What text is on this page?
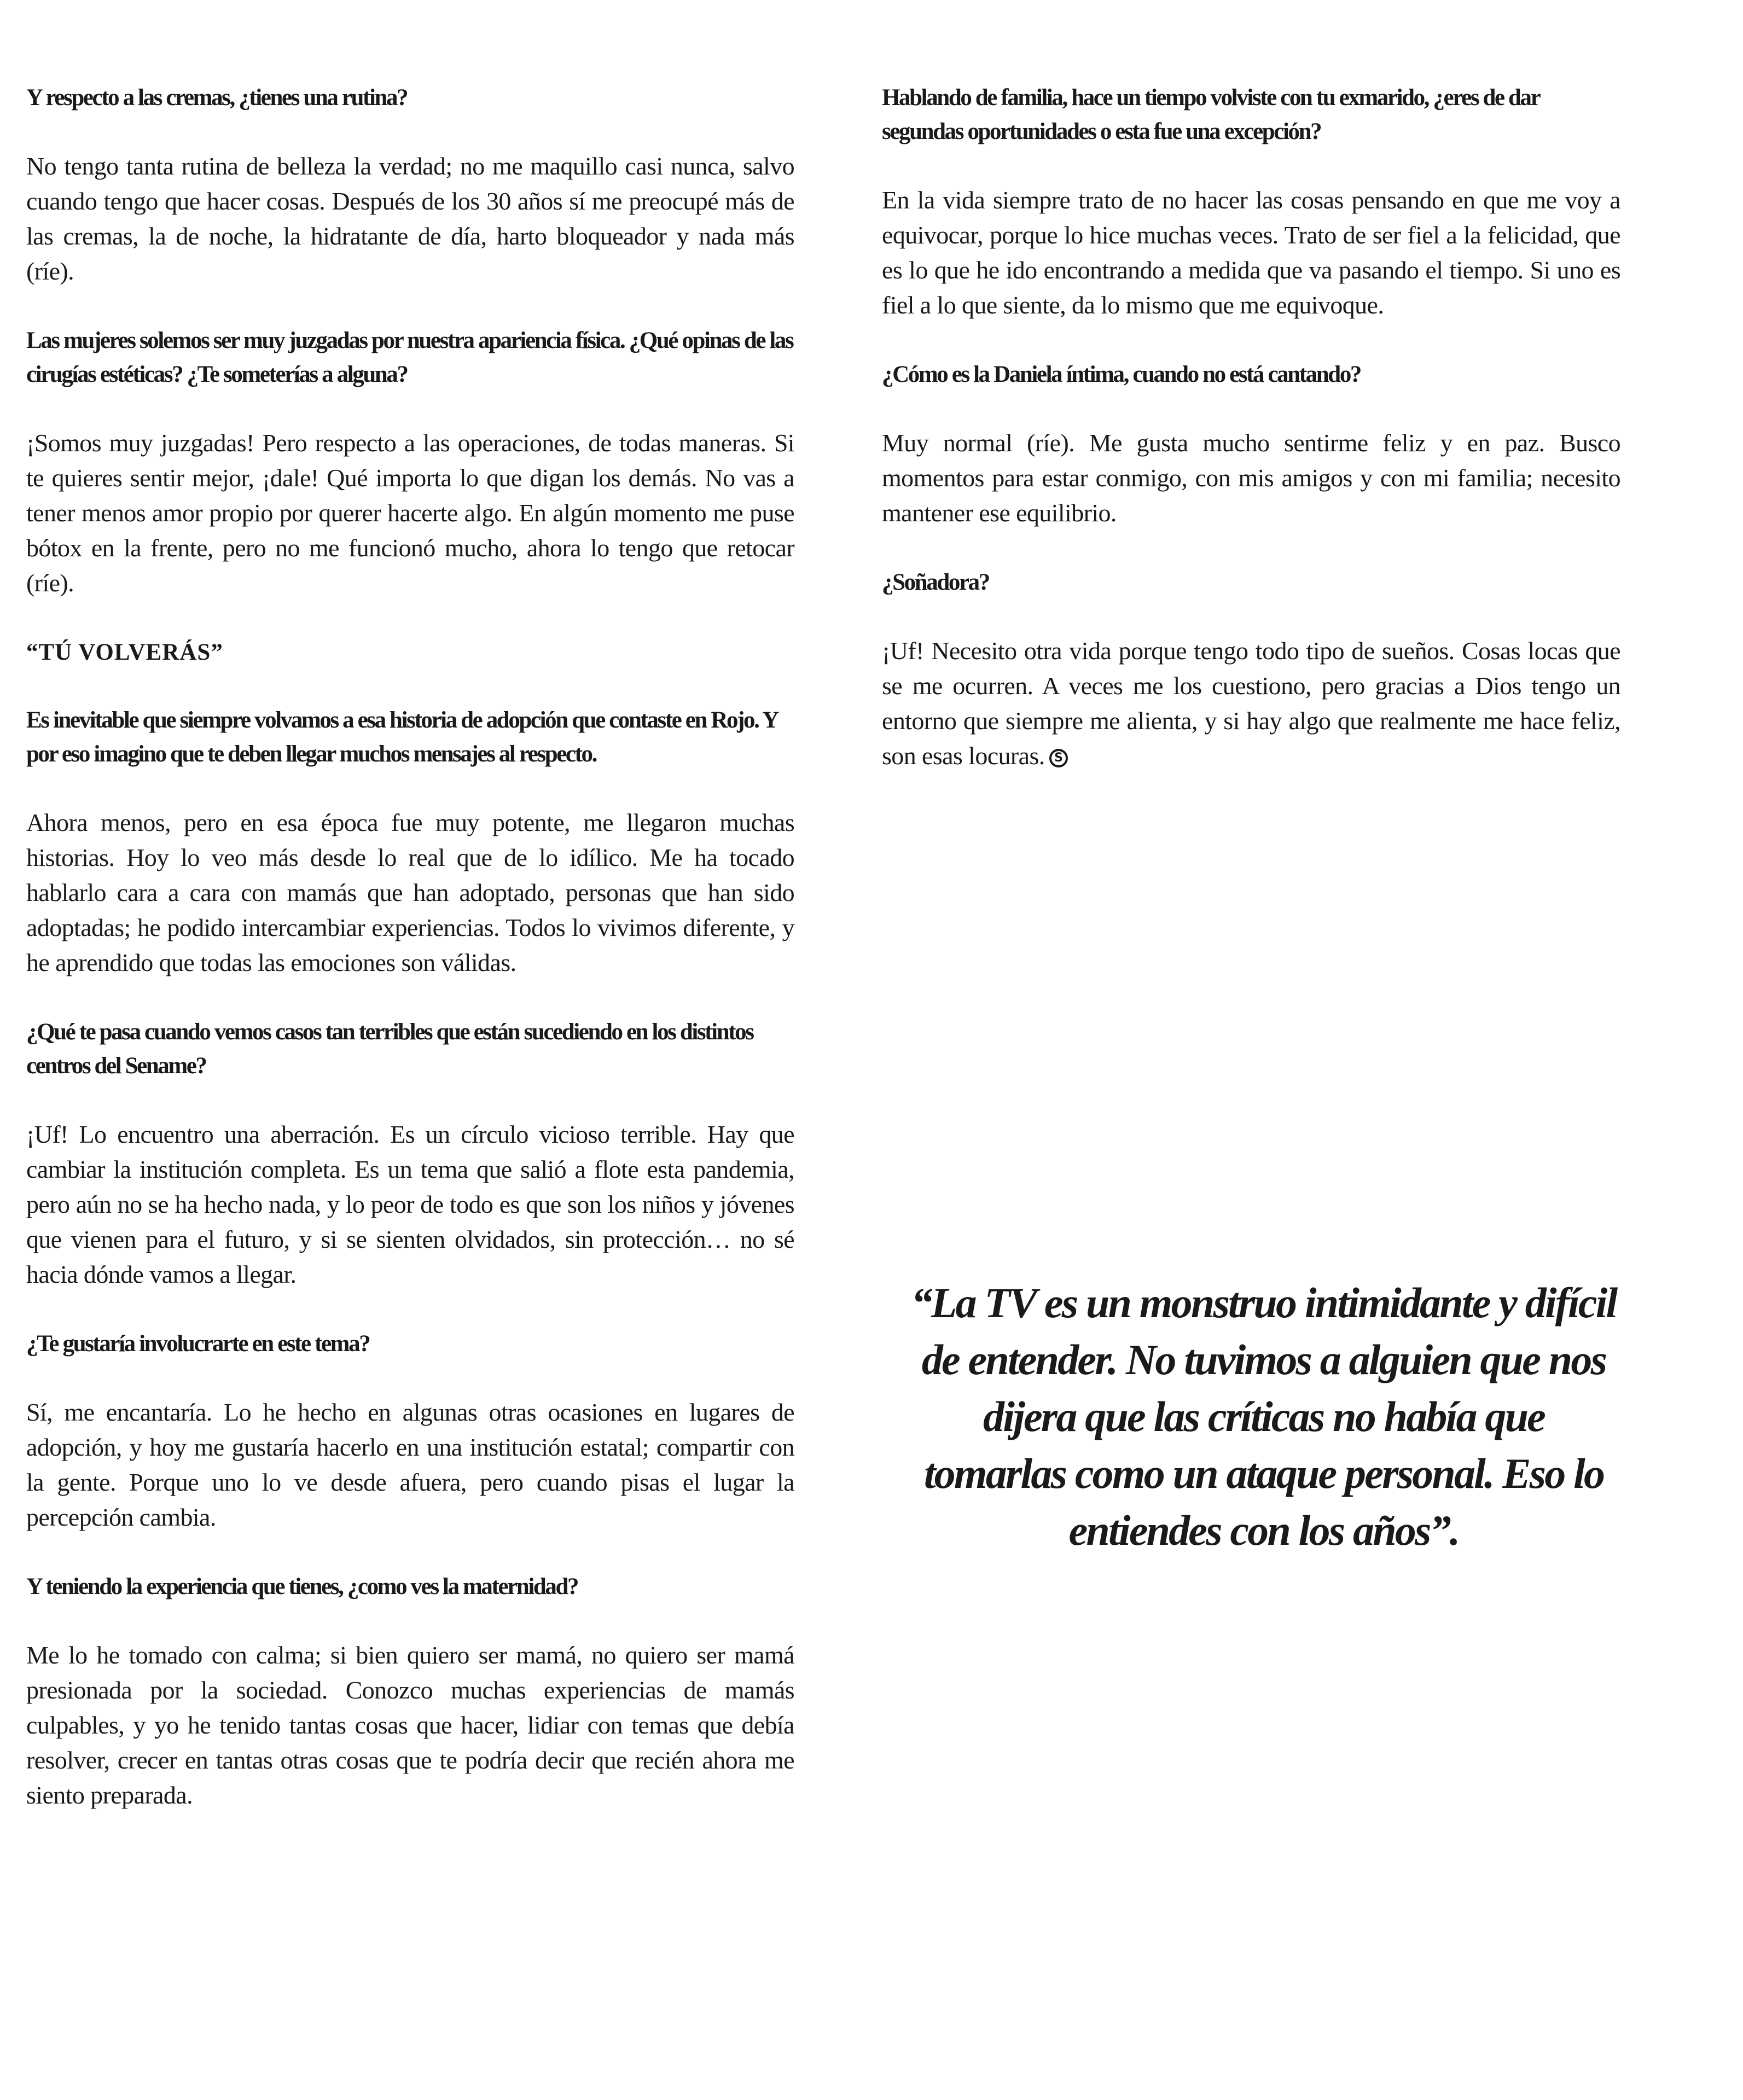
Y respecto a las cremas, ¿tienes una rutina?

No tengo tanta rutina de belleza la verdad; no me maquillo casi nunca, salvo cuando tengo que hacer cosas. Después de los 30 años sí me preocupé más de las cremas, la de noche, la hidratante de día, harto bloqueador y nada más (ríe).

Las mujeres solemos ser muy juzgadas por nuestra apariencia física. ¿Qué opinas de las cirugías estéticas? ¿Te someterías a alguna?

¡Somos muy juzgadas! Pero respecto a las operaciones, de todas maneras. Si te quieres sentir mejor, ¡dale! Qué importa lo que digan los demás. No vas a tener menos amor propio por querer hacerte algo. En algún momento me puse bótox en la frente, pero no me funcionó mucho, ahora lo tengo que retocar (ríe).

“TÚ VOLVERÁS”

Es inevitable que siempre volvamos a esa historia de adopción que contaste en Rojo. Y por eso imagino que te deben llegar muchos mensajes al respecto.

Ahora menos, pero en esa época fue muy potente, me llegaron muchas historias. Hoy lo veo más desde lo real que de lo idílico. Me ha tocado hablarlo cara a cara con mamás que han adoptado, personas que han sido adoptadas; he podido intercambiar experiencias. Todos lo vivimos diferente, y he aprendido que todas las emociones son válidas.

¿Qué te pasa cuando vemos casos tan terribles que están sucediendo en los distintos centros del Sename?

¡Uf! Lo encuentro una aberración. Es un círculo vicioso terrible. Hay que cambiar la institución completa. Es un tema que salió a flote esta pandemia, pero aún no se ha hecho nada, y lo peor de todo es que son los niños y jóvenes que vienen para el futuro, y si se sienten olvidados, sin protección… no sé hacia dónde vamos a llegar.

¿Te gustaría involucrarte en este tema?

Sí, me encantaría. Lo he hecho en algunas otras ocasiones en lugares de adopción, y hoy me gustaría hacerlo en una institución estatal; compartir con la gente. Porque uno lo ve desde afuera, pero cuando pisas el lugar la percepción cambia.

Y teniendo la experiencia que tienes, ¿como ves la maternidad?

Me lo he tomado con calma; si bien quiero ser mamá, no quiero ser mamá presionada por la sociedad. Conozco muchas experiencias de mamás culpables, y yo he tenido tantas cosas que hacer, lidiar con temas que debía resolver, crecer en tantas otras cosas que te podría decir que recién ahora me siento preparada.

Hablando de familia, hace un tiempo volviste con tu exmarido, ¿eres de dar segundas oportunidades o esta fue una excepción?

En la vida siempre trato de no hacer las cosas pensando en que me voy a equivocar, porque lo hice muchas veces. Trato de ser fiel a la felicidad, que es lo que he ido encontrando a medida que va pasando el tiempo. Si uno es fiel a lo que siente, da lo mismo que me equivoque.

¿Cómo es la Daniela íntima, cuando no está cantando?

Muy normal (ríe). Me gusta mucho sentirme feliz y en paz. Busco momentos para estar conmigo, con mis amigos y con mi familia; necesito mantener ese equilibrio.

¿Soñadora?

¡Uf! Necesito otra vida porque tengo todo tipo de sueños. Cosas locas que se me ocurren. A veces me los cuestiono, pero gracias a Dios tengo un entorno que siempre me alienta, y si hay algo que realmente me hace feliz, son esas locuras. S

“La TV es un monstruo intimidante y difícil de entender. No tuvimos a alguien que nos dijera que las críticas no había que tomarlas como un ataque personal. Eso lo entiendes con los años”.
